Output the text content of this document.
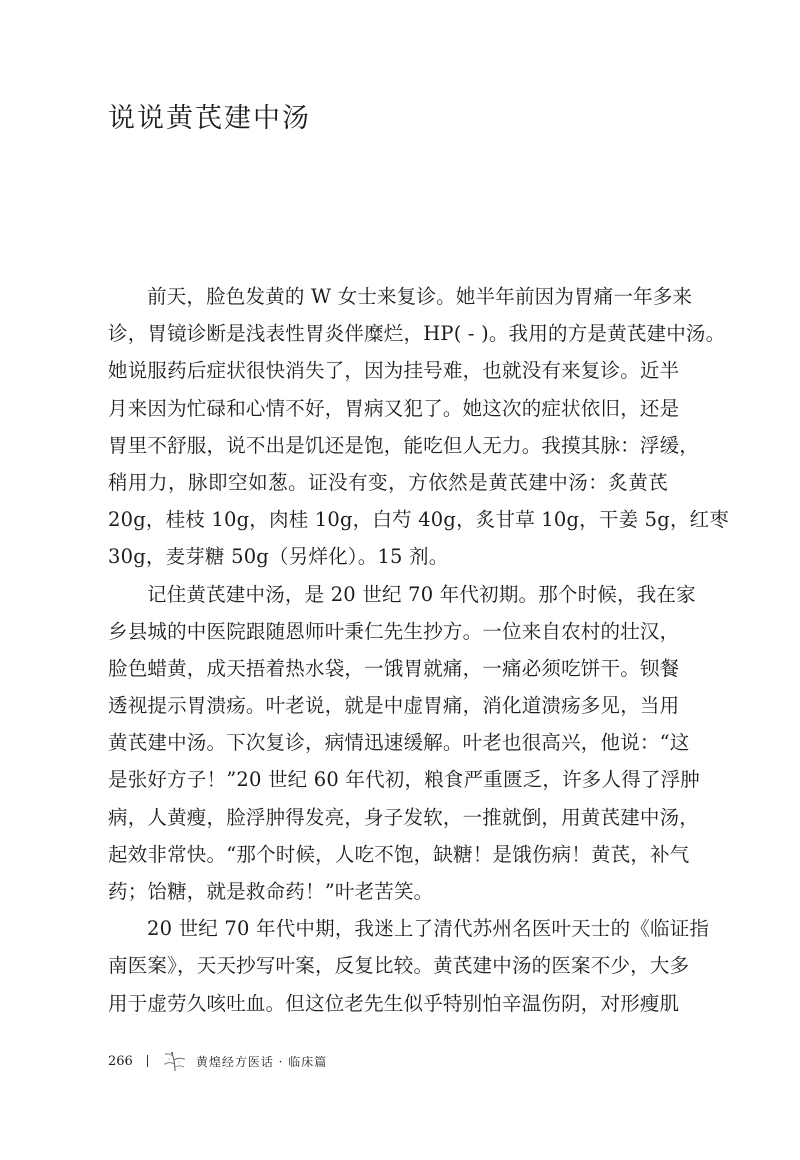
说说黄芪建中汤
前天，脸色发黄的 W 女士来复诊。她半年前因为胃痛一年多来
诊，胃镜诊断是浅表性胃炎伴糜烂，HP( - )。我用的方是黄芪建中汤。
她说服药后症状很快消失了，因为挂号难，也就没有来复诊。近半
月来因为忙碌和心情不好，胃病又犯了。她这次的症状依旧，还是
胃里不舒服，说不出是饥还是饱，能吃但人无力。我摸其脉：浮缓，
稍用力，脉即空如葱。证没有变，方依然是黄芪建中汤：炙黄芪
20g，桂枝 10g，肉桂 10g，白芍 40g，炙甘草 10g，干姜 5g，红枣
30g，麦芽糖 50g（另烊化）。15 剂。
记住黄芪建中汤，是 20 世纪 70 年代初期。那个时候，我在家
乡县城的中医院跟随恩师叶秉仁先生抄方。一位来自农村的壮汉，
脸色蜡黄，成天捂着热水袋，一饿胃就痛，一痛必须吃饼干。钡餐
透视提示胃溃疡。叶老说，就是中虚胃痛，消化道溃疡多见，当用
黄芪建中汤。下次复诊，病情迅速缓解。叶老也很高兴，他说：“这
是张好方子！”20 世纪 60 年代初，粮食严重匮乏，许多人得了浮肿
病，人黄瘦，脸浮肿得发亮，身子发软，一推就倒，用黄芪建中汤，
起效非常快。“那个时候，人吃不饱，缺糖！是饿伤病！黄芪，补气
药；饴糖，就是救命药！”叶老苦笑。
20 世纪 70 年代中期，我迷上了清代苏州名医叶天士的《临证指
南医案》，天天抄写叶案，反复比较。黄芪建中汤的医案不少，大多
用于虚劳久咳吐血。但这位老先生似乎特别怕辛温伤阴，对形瘦肌
266	黄煌经方医话 · 临床篇
